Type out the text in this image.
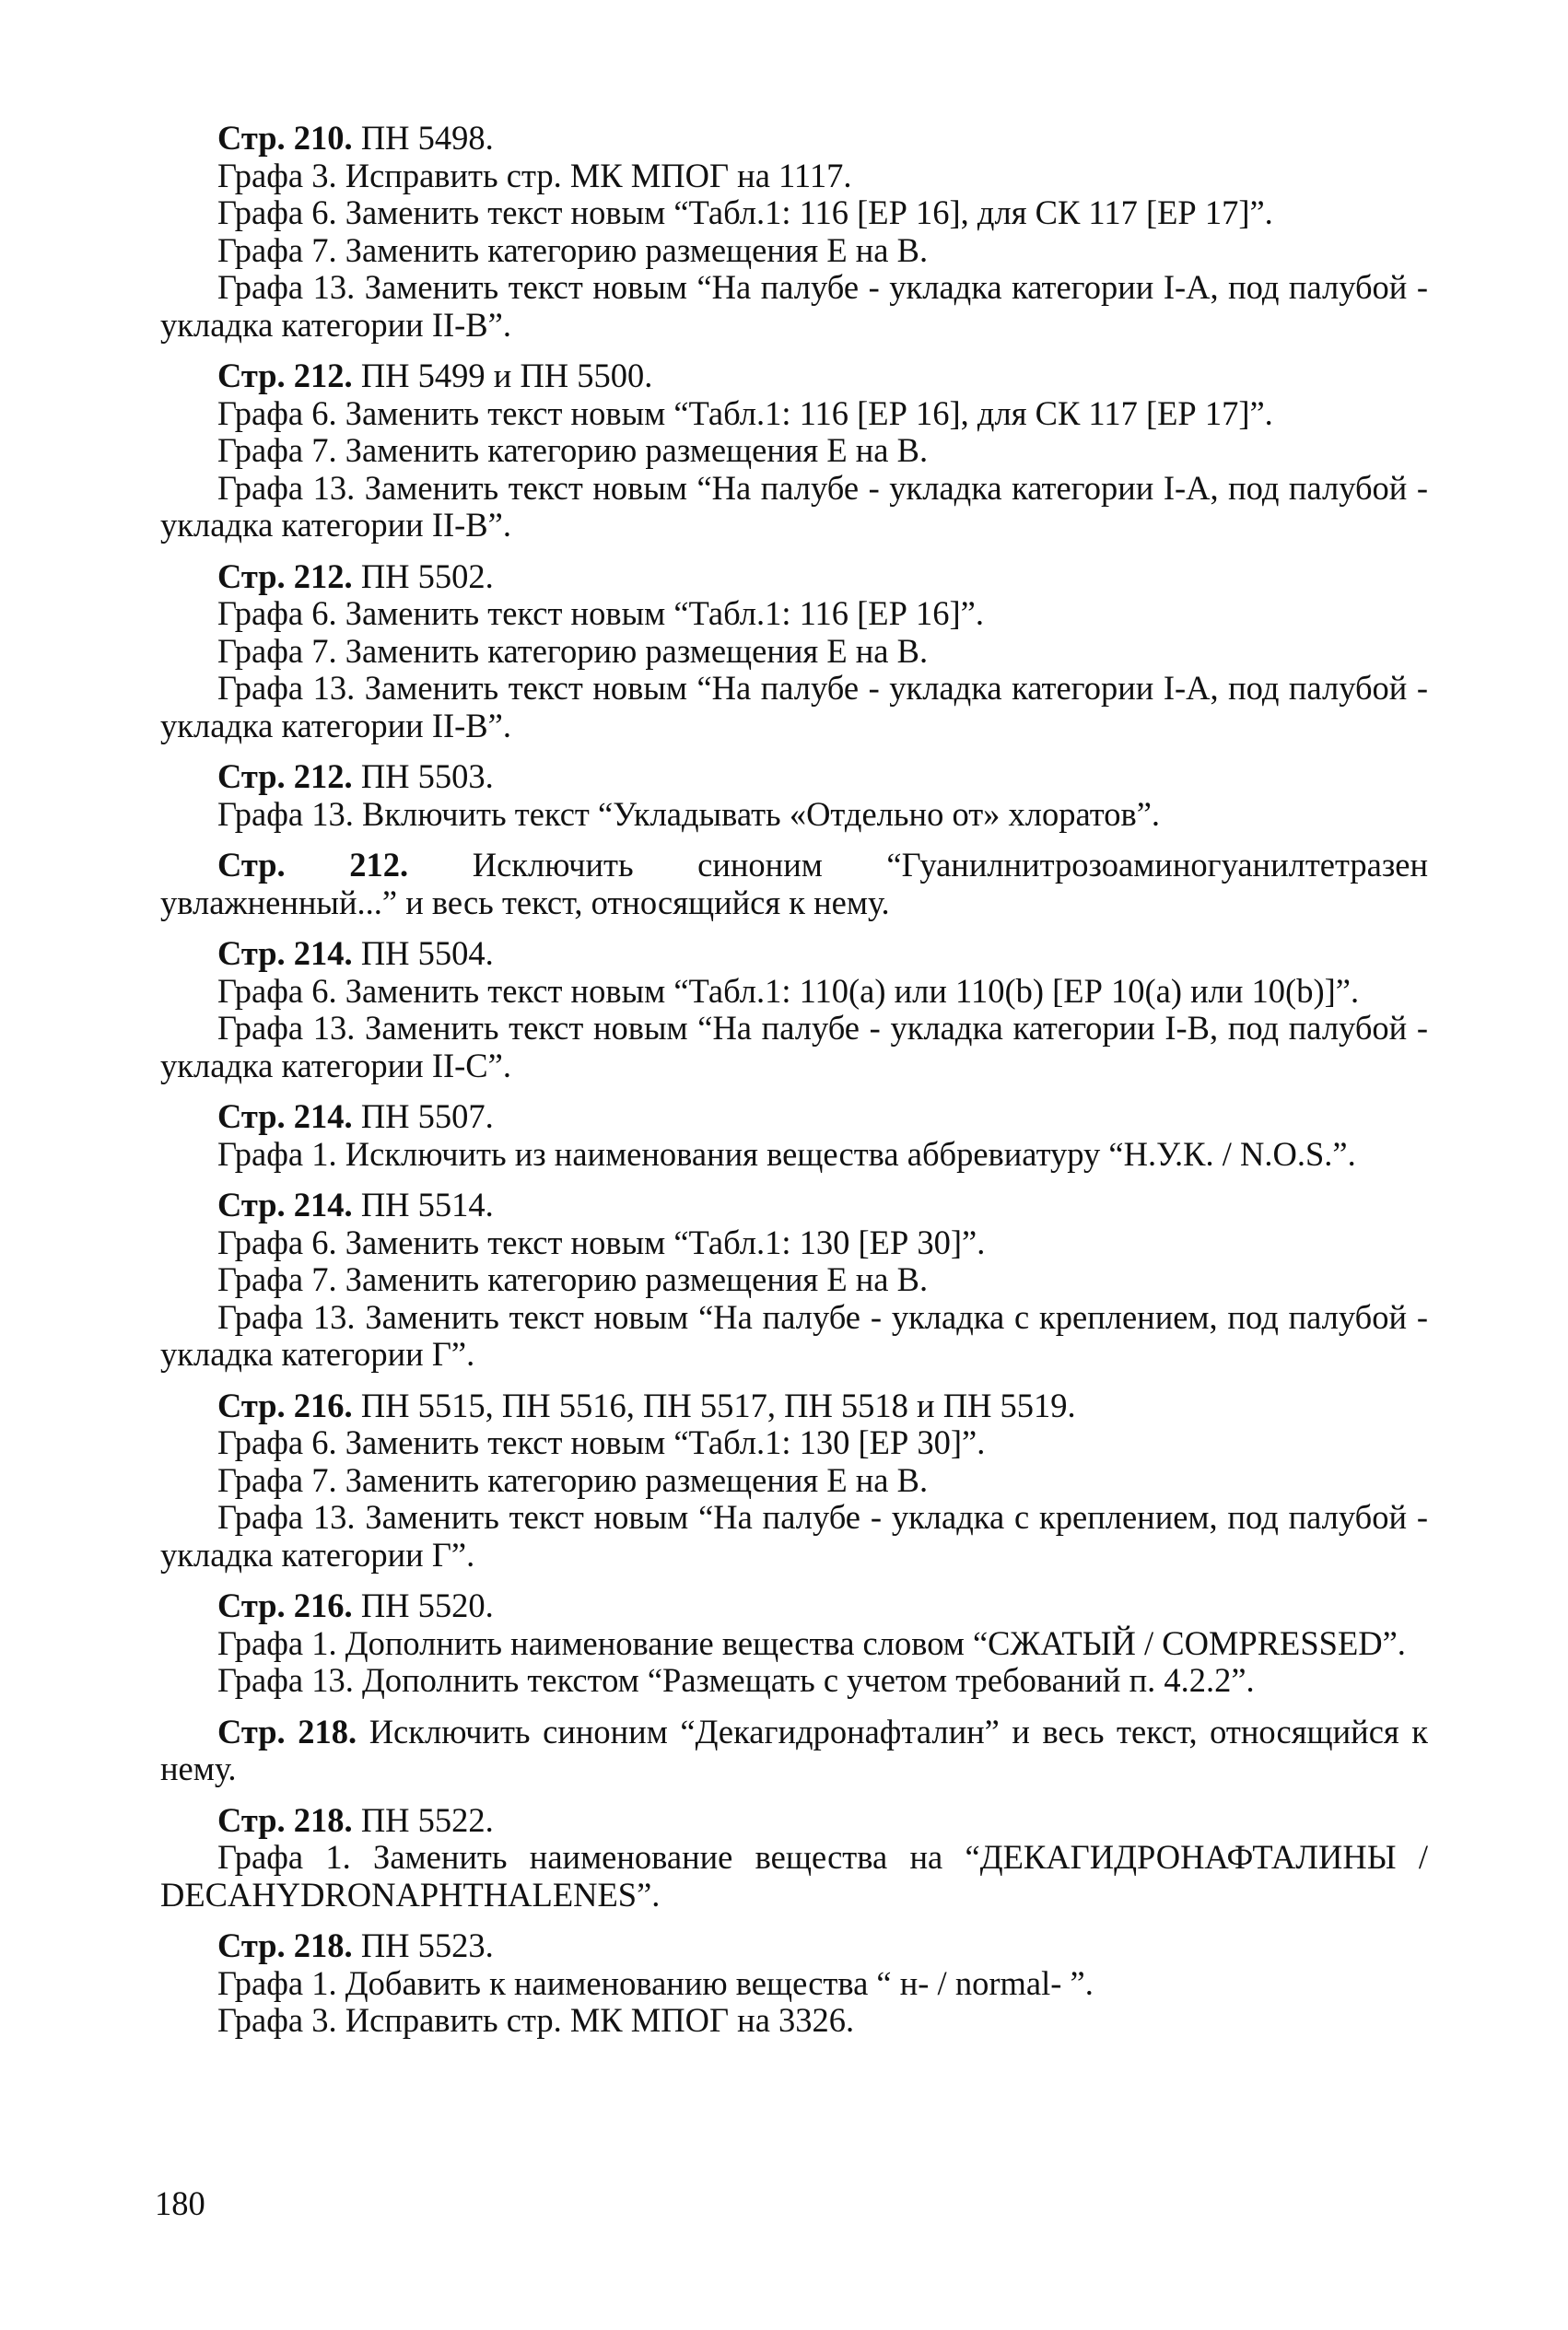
Стр. 210. ПН 5498.
Графа 3. Исправить стр. МК МПОГ на 1117.
Графа 6. Заменить текст новым “Табл.1: 116 [ЕР 16], для СК 117 [ЕР 17]”.
Графа 7. Заменить категорию размещения Е на В.
Графа 13. Заменить текст новым “На палубе - укладка категории I-А, под палубой - укладка категории II-В”.
Стр. 212. ПН 5499 и ПН 5500.
Графа 6. Заменить текст новым “Табл.1: 116 [ЕР 16], для СК 117 [ЕР 17]”.
Графа 7. Заменить категорию размещения Е на В.
Графа 13. Заменить текст новым “На палубе - укладка категории I-А, под палубой - укладка категории II-В”.
Стр. 212. ПН 5502.
Графа 6. Заменить текст новым “Табл.1: 116 [ЕР 16]”.
Графа 7. Заменить категорию размещения Е на В.
Графа 13. Заменить текст новым “На палубе - укладка категории I-А, под палубой - укладка категории II-В”.
Стр. 212. ПН 5503.
Графа 13. Включить текст “Укладывать «Отдельно от» хлоратов”.
Стр. 212. Исключить синоним “Гуанилнитрозоаминогуанилтетразен увлажненный...” и весь текст, относящийся к нему.
Стр. 214. ПН 5504.
Графа 6. Заменить текст новым “Табл.1: 110(а) или 110(b) [ЕР 10(а) или 10(b)]”.
Графа 13. Заменить текст новым “На палубе - укладка категории I-В, под палубой - укладка категории II-С”.
Стр. 214. ПН 5507.
Графа 1. Исключить из наименования вещества аббревиатуру “Н.У.К. / N.O.S.”.
Стр. 214. ПН 5514.
Графа 6. Заменить текст новым “Табл.1: 130 [ЕР 30]”.
Графа 7. Заменить категорию размещения Е на В.
Графа 13. Заменить текст новым “На палубе - укладка с креплением, под палубой - укладка категории Г”.
Стр. 216. ПН 5515, ПН 5516, ПН 5517, ПН 5518 и ПН 5519.
Графа 6. Заменить текст новым “Табл.1: 130 [ЕР 30]”.
Графа 7. Заменить категорию размещения Е на В.
Графа 13. Заменить текст новым “На палубе - укладка с креплением, под палубой - укладка категории Г”.
Стр. 216. ПН 5520.
Графа 1. Дополнить наименование вещества словом “СЖАТЫЙ / COMPRESSED”.
Графа 13. Дополнить текстом “Размещать с учетом требований п. 4.2.2”.
Стр. 218. Исключить синоним “Декагидронафталин” и весь текст, относящийся к нему.
Стр. 218. ПН 5522.
Графа 1. Заменить наименование вещества на “ДЕКАГИДРОНАФТАЛИНЫ / DECAHYDRONAPHTHALENES”.
Стр. 218. ПН 5523.
Графа 1. Добавить к наименованию вещества “ н- / normal- ”.
Графа 3. Исправить стр. МК МПОГ на 3326.
180
